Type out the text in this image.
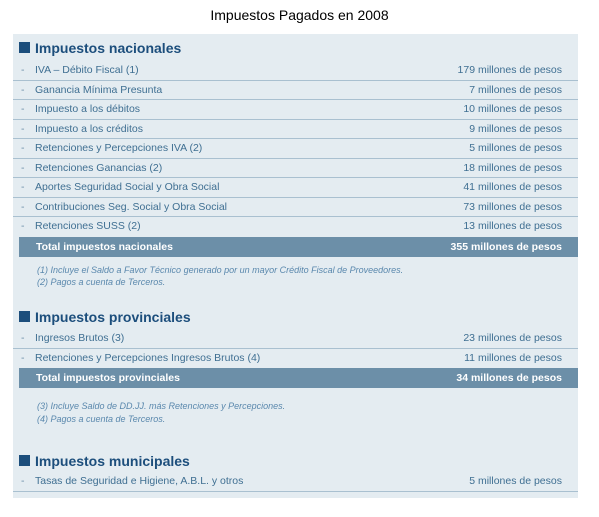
Impuestos Pagados en 2008
Impuestos nacionales
- IVA – Débito Fiscal (1)	179 millones de pesos
- Ganancia Mínima Presunta	7 millones de pesos
- Impuesto a los débitos	10 millones de pesos
- Impuesto a los créditos	9 millones de pesos
- Retenciones y Percepciones IVA (2)	5 millones de pesos
- Retenciones Ganancias (2)	18 millones de pesos
- Aportes Seguridad Social y Obra Social	41 millones de pesos
- Contribuciones Seg. Social y Obra Social	73 millones de pesos
- Retenciones SUSS (2)	13 millones de pesos
Total impuestos nacionales	355 millones de pesos
(1) Incluye el Saldo a Favor Técnico generado por un mayor Crédito Fiscal de Proveedores.
(2) Pagos a cuenta de Terceros.
Impuestos provinciales
- Ingresos Brutos (3)	23 millones de pesos
- Retenciones y Percepciones Ingresos Brutos (4)	11 millones de pesos
Total impuestos provinciales	34 millones de pesos
(3) Incluye Saldo de DD.JJ. más Retenciones y Percepciones.
(4) Pagos a cuenta de Terceros.
Impuestos municipales
- Tasas de Seguridad e Higiene, A.B.L. y otros	5 millones de pesos
